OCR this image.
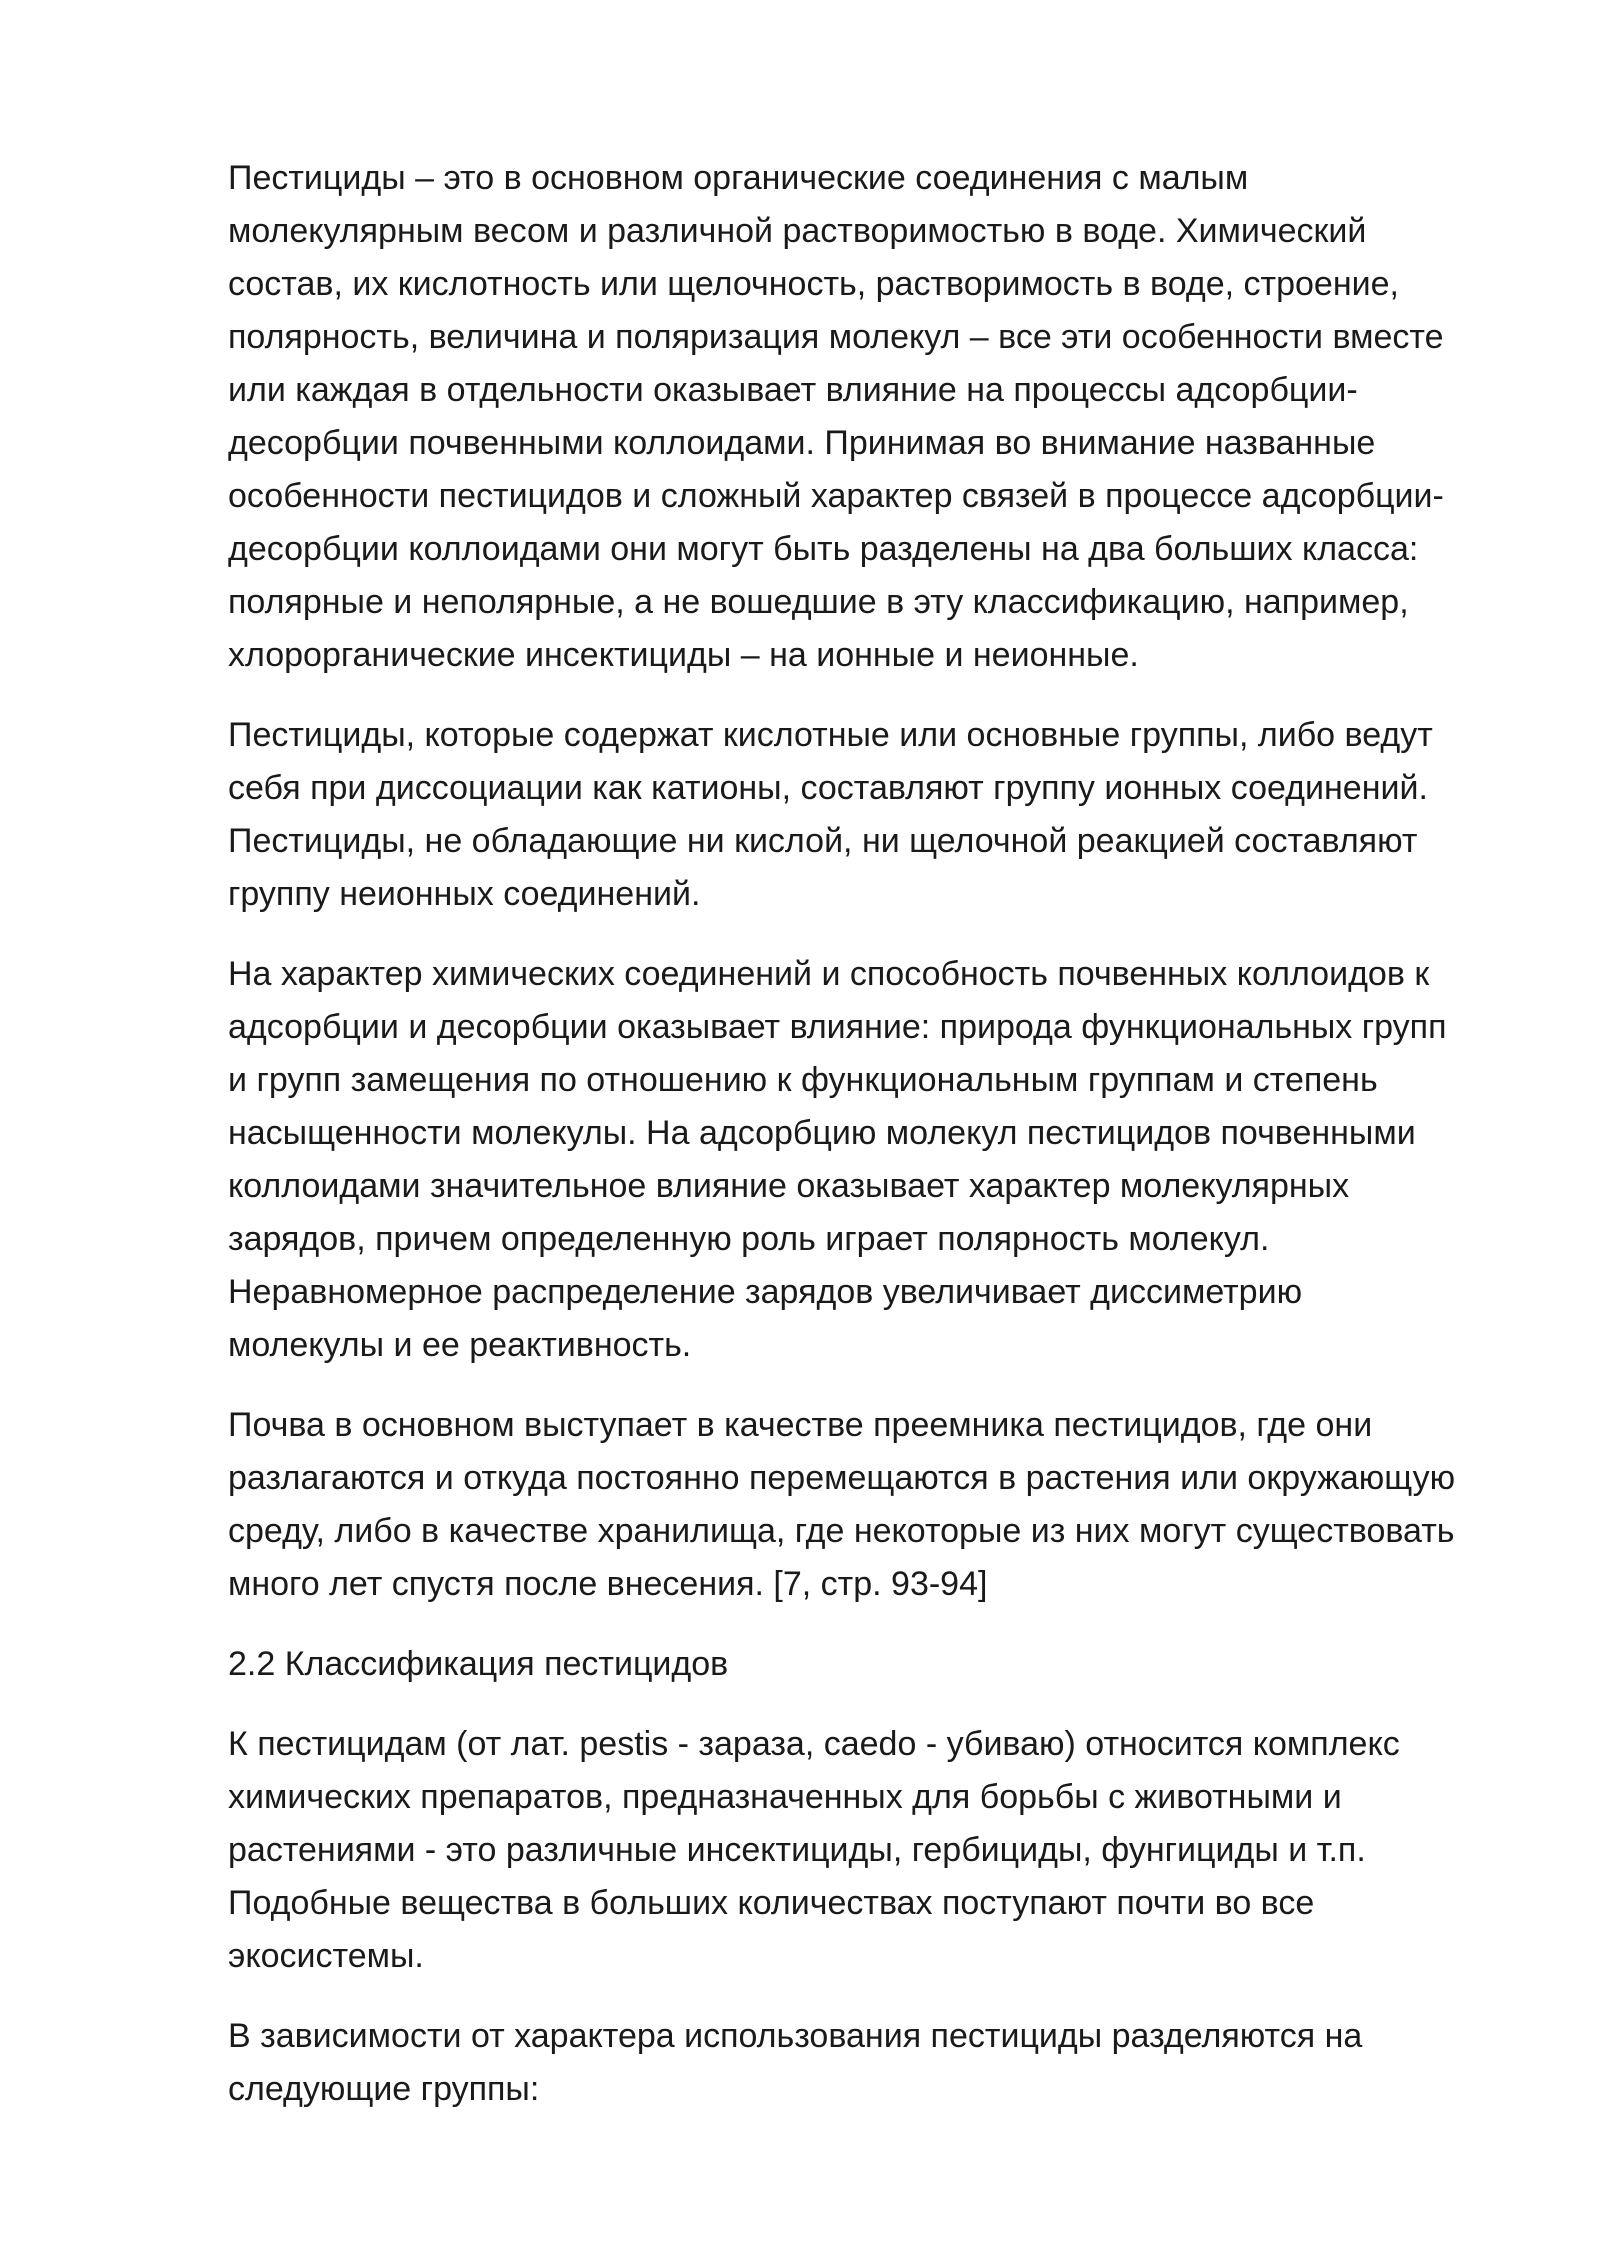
Пестициды – это в основном органические соединения с малым
молекулярным весом и различной растворимостью в воде. Химический
состав, их кислотность или щелочность, растворимость в воде, строение,
полярность, величина и поляризация молекул – все эти особенности вместе
или каждая в отдельности оказывает влияние на процессы адсорбции-
десорбции почвенными коллоидами. Принимая во внимание названные
особенности пестицидов и сложный характер связей в процессе адсорбции-
десорбции коллоидами они могут быть разделены на два больших класса:
полярные и неполярные, а не вошедшие в эту классификацию, например,
хлорорганические инсектициды – на ионные и неионные.

Пестициды, которые содержат кислотные или основные группы, либо ведут
себя при диссоциации как катионы, составляют группу ионных соединений.
Пестициды, не обладающие ни кислой, ни щелочной реакцией составляют
группу неионных соединений.

На характер химических соединений и способность почвенных коллоидов к
адсорбции и десорбции оказывает влияние: природа функциональных групп
и групп замещения по отношению к функциональным группам и степень
насыщенности молекулы. На адсорбцию молекул пестицидов почвенными
коллоидами значительное влияние оказывает характер молекулярных
зарядов, причем определенную роль играет полярность молекул.
Неравномерное распределение зарядов увеличивает диссиметрию
молекулы и ее реактивность.

Почва в основном выступает в качестве преемника пестицидов, где они
разлагаются и откуда постоянно перемещаются в растения или окружающую
среду, либо в качестве хранилища, где некоторые из них могут существовать
много лет спустя после внесения. [7, стр. 93-94]

2.2 Классификация пестицидов

К пестицидам (от лат. pestis - зараза, caedo - убиваю) относится комплекс
химических препаратов, предназначенных для борьбы с животными и
растениями - это различные инсектициды, гербициды, фунгициды и т.п.
Подобные вещества в больших количествах поступают почти во все
экосистемы.

В зависимости от характера использования пестициды разделяются на
следующие группы:
